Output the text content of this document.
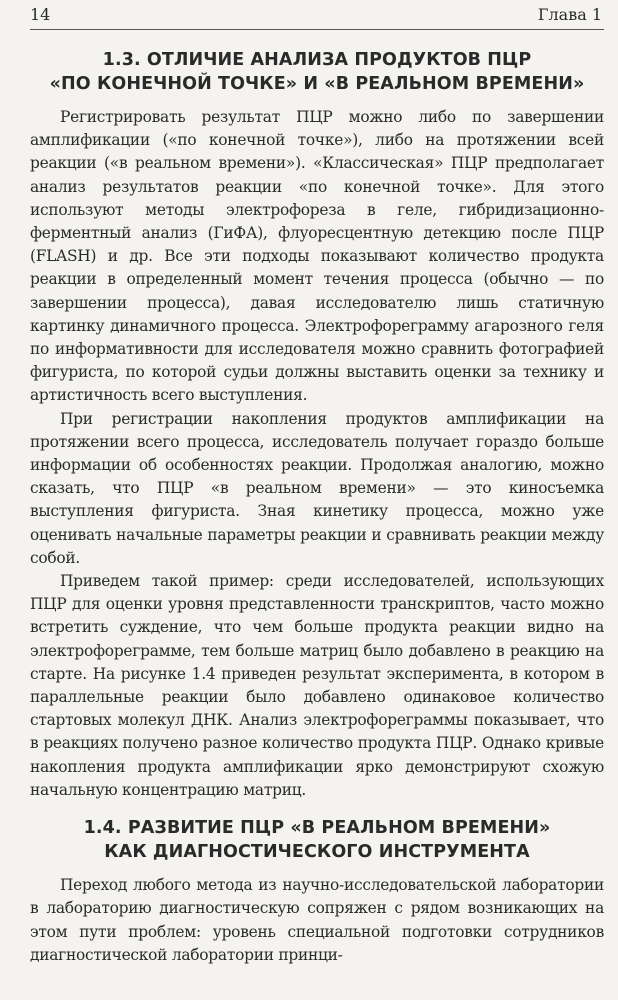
14	Глава 1
1.3. ОТЛИЧИЕ АНАЛИЗА ПРОДУКТОВ ПЦР
«ПО КОНЕЧНОЙ ТОЧКЕ» И «В РЕАЛЬНОМ ВРЕМЕНИ»

Регистрировать результат ПЦР можно либо по завершении амплификации («по конечной точке»), либо на протяжении всей реакции («в реальном времени»). «Классическая» ПЦР предполагает анализ результатов реакции «по конечной точке». Для этого используют методы электрофореза в геле, гибридизационно-ферментный анализ (ГиФА), флуоресцентную детекцию после ПЦР (FLASH) и др. Все эти подходы показывают количество продукта реакции в определенный момент течения процесса (обычно — по завершении процесса), давая исследователю лишь статичную картинку динамичного процесса. Электрофореграмму агарозного геля по информативности для исследователя можно сравнить фотографией фигуриста, по которой судьи должны выставить оценки за технику и артистичность всего выступления.

При регистрации накопления продуктов амплификации на протяжении всего процесса, исследователь получает гораздо больше информации об особенностях реакции. Продолжая аналогию, можно сказать, что ПЦР «в реальном времени» — это киносъемка выступления фигуриста. Зная кинетику процесса, можно уже оценивать начальные параметры реакции и сравнивать реакции между собой.

Приведем такой пример: среди исследователей, использующих ПЦР для оценки уровня представленности транскриптов, часто можно встретить суждение, что чем больше продукта реакции видно на электрофореграмме, тем больше матриц было добавлено в реакцию на старте. На рисунке 1.4 приведен результат эксперимента, в котором в параллельные реакции было добавлено одинаковое количество стартовых молекул ДНК. Анализ электрофореграммы показывает, что в реакциях получено разное количество продукта ПЦР. Однако кривые накопления продукта амплификации ярко демонстрируют схожую начальную концентрацию матриц.

1.4. РАЗВИТИЕ ПЦР «В РЕАЛЬНОМ ВРЕМЕНИ»
КАК ДИАГНОСТИЧЕСКОГО ИНСТРУМЕНТА

Переход любого метода из научно-исследовательской лаборатории в лабораторию диагностическую сопряжен с рядом возникающих на этом пути проблем: уровень специальной подготовки сотрудников диагностической лаборатории принци-
